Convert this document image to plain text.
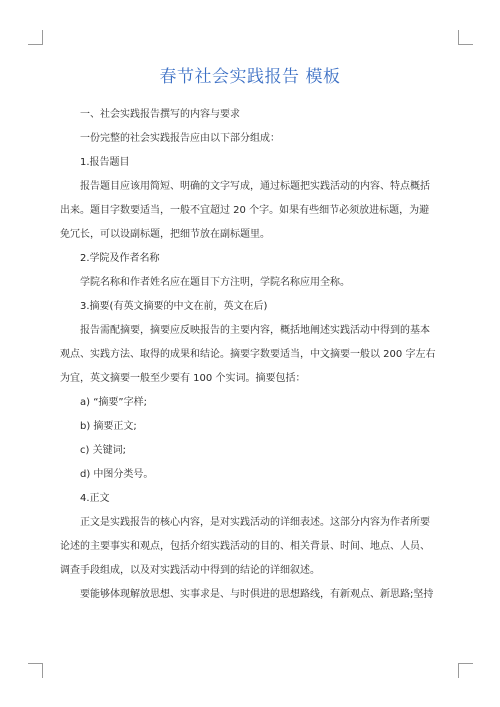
春节社会实践报告 模板
一、社会实践报告撰写的内容与要求
一份完整的社会实践报告应由以下部分组成：
1.报告题目
报告题目应该用简短、明确的文字写成，通过标题把实践活动的内容、特点概括
出来。题目字数要适当，一般不宜超过 20 个字。如果有些细节必须放进标题，为避
免冗长，可以设副标题，把细节放在副标题里。
2.学院及作者名称
学院名称和作者姓名应在题目下方注明，学院名称应用全称。
3.摘要(有英文摘要的中文在前，英文在后)
报告需配摘要，摘要应反映报告的主要内容，概括地阐述实践活动中得到的基本
观点、实践方法、取得的成果和结论。摘要字数要适当，中文摘要一般以 200 字左右
为宜，英文摘要一般至少要有 100 个实词。摘要包括：
a) “摘要”字样;
b) 摘要正文;
c) 关键词;
d) 中图分类号。
4.正文
正文是实践报告的核心内容，是对实践活动的详细表述。这部分内容为作者所要
论述的主要事实和观点，包括介绍实践活动的目的、相关背景、时间、地点、人员、
调查手段组成，以及对实践活动中得到的结论的详细叙述。
要能够体现解放思想、实事求是、与时俱进的思想路线，有新观点、新思路;坚持
